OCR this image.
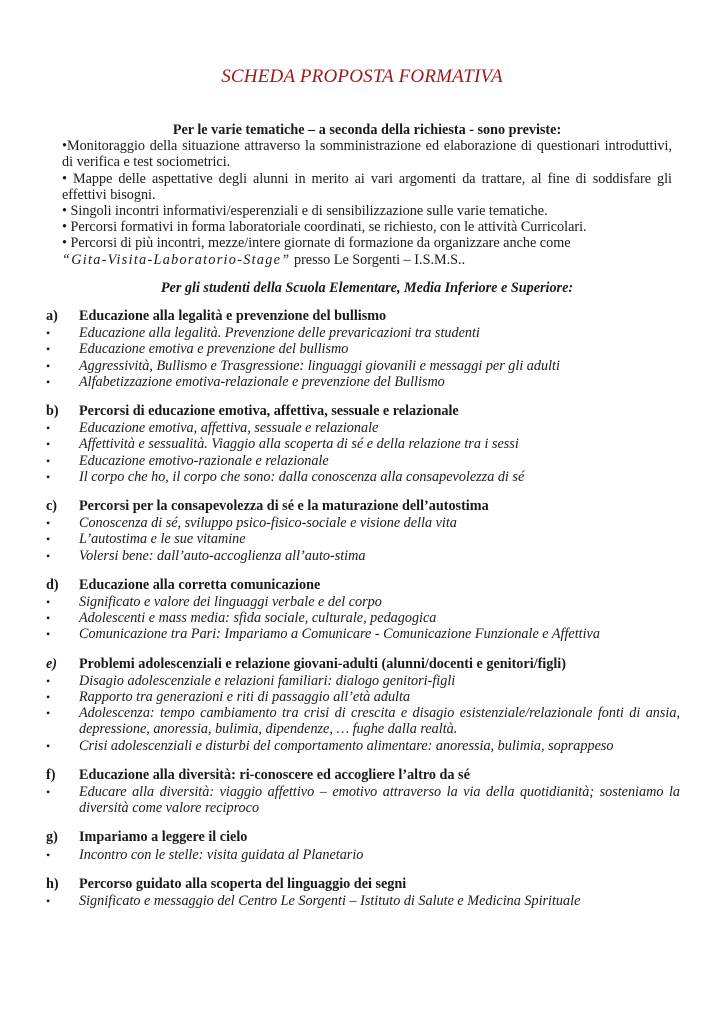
SCHEDA PROPOSTA FORMATIVA
Per le varie tematiche – a seconda della richiesta - sono previste:

•Monitoraggio della situazione attraverso la somministrazione ed elaborazione di questionari introduttivi, di verifica e test sociometrici.

• Mappe delle aspettative degli alunni in merito ai vari argomenti da trattare, al fine di soddisfare gli effettivi bisogni.

• Singoli incontri informativi/esperenziali e di sensibilizzazione sulle varie tematiche.

• Percorsi formativi in forma laboratoriale coordinati, se richiesto, con le attività Curricolari.

• Percorsi di più incontri, mezze/intere giornate di formazione da organizzare anche come

“Gita-Visita-Laboratorio-Stage” presso Le Sorgenti – I.S.M.S..

Per gli studenti della Scuola Elementare, Media Inferiore e Superiore:
a)	Educazione alla legalità e prevenzione del bullismo
•	Educazione alla legalità. Prevenzione delle prevaricazioni tra studenti
•	Educazione emotiva e prevenzione del bullismo
•	Aggressività, Bullismo e Trasgressione: linguaggi giovanili e messaggi per gli adulti
•	Alfabetizzazione emotiva-relazionale e prevenzione del Bullismo
b)	Percorsi di educazione emotiva, affettiva, sessuale e relazionale
•	Educazione emotiva, affettiva, sessuale e relazionale
•	Affettività e sessualità. Viaggio alla scoperta di sé e della relazione tra i sessi
•	Educazione emotivo-razionale e relazionale
•	Il corpo che ho, il corpo che sono: dalla conoscenza alla consapevolezza di sé
c)	Percorsi per la consapevolezza di sé e la maturazione dell’autostima
•	Conoscenza di sé, sviluppo psico-fisico-sociale e visione della vita
•	L’autostima e le sue vitamine
•	Volersi bene: dall’auto-accoglienza all’auto-stima
d)	Educazione alla corretta comunicazione
•	Significato e valore dei linguaggi verbale e del corpo
•	Adolescenti e mass media: sfida sociale, culturale, pedagogica
•	Comunicazione tra Pari: Impariamo a Comunicare - Comunicazione Funzionale e Affettiva
e)	Problemi adolescenziali e relazione giovani-adulti (alunni/docenti e genitori/figli)
•	Disagio adolescenziale e relazioni familiari: dialogo genitori-figli
•	Rapporto tra generazioni e riti di passaggio all’età adulta
•	Adolescenza: tempo cambiamento tra crisi di crescita e disagio esistenziale/relazionale fonti di ansia, depressione, anoressia, bulimia, dipendenze, … fughe dalla realtà.
•	Crisi adolescenziali e disturbi del comportamento alimentare: anoressia, bulimia, soprappeso
f)	Educazione alla diversità: ri-conoscere ed accogliere l’altro da sé
•	Educare alla diversità: viaggio affettivo – emotivo attraverso la via della quotidianità; sosteniamo la diversità come valore reciproco
g)	Impariamo a leggere il cielo
•	Incontro con le stelle: visita guidata al Planetario
h)	Percorso guidato alla scoperta del linguaggio dei segni
•	Significato e messaggio del Centro Le Sorgenti – Istituto di Salute e Medicina Spirituale
